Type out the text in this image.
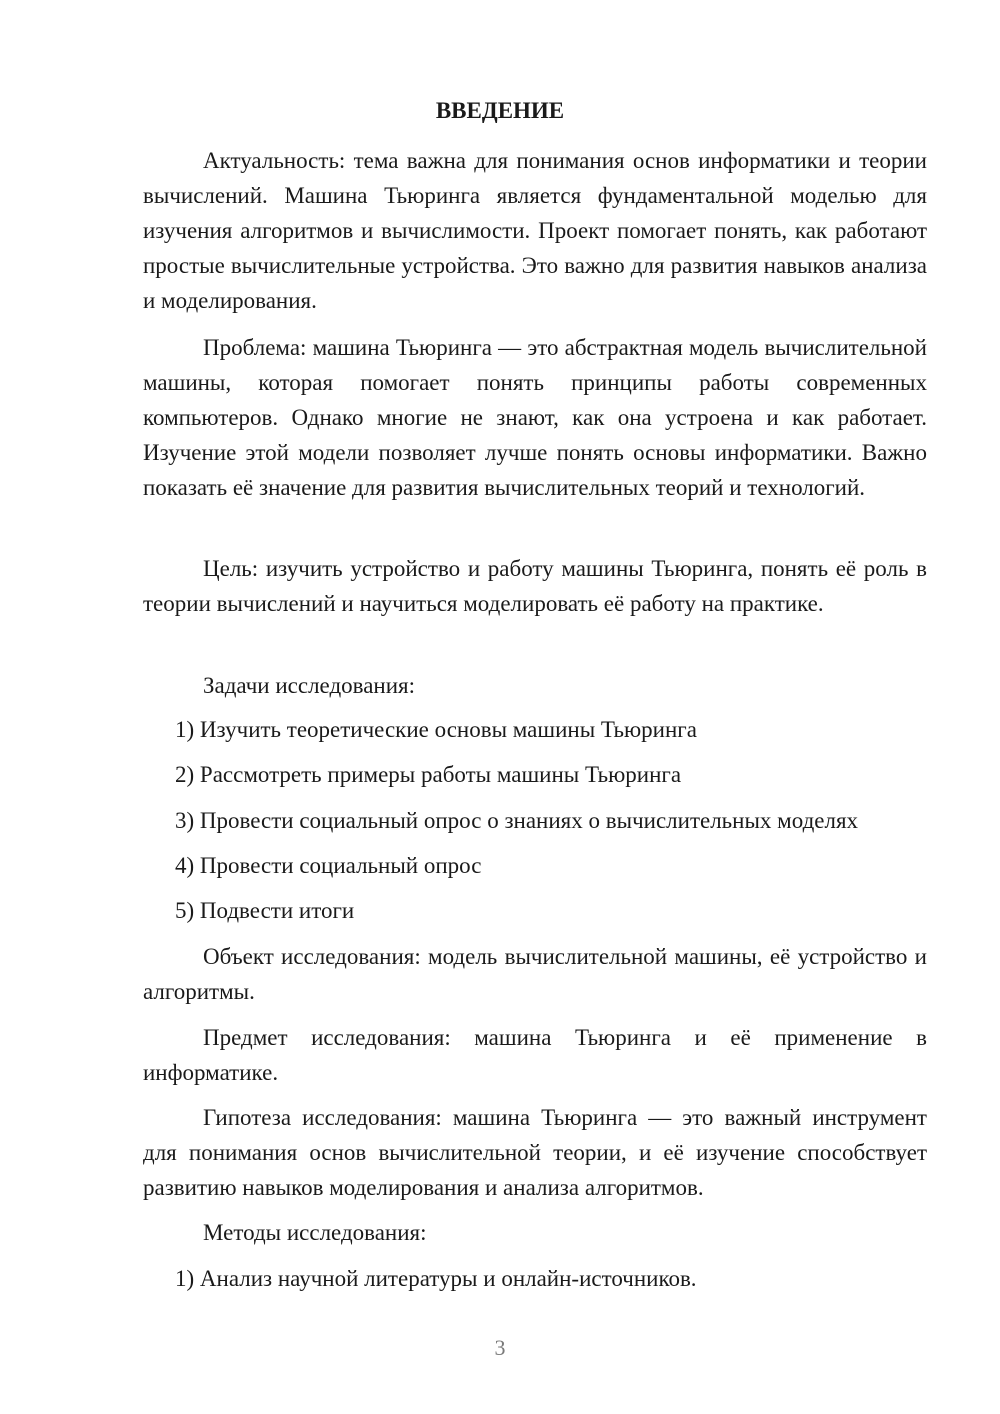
ВВЕДЕНИЕ

Актуальность: тема важна для понимания основ информатики и теории вычислений. Машина Тьюринга является фундаментальной моделью для изучения алгоритмов и вычислимости. Проект помогает понять, как работают простые вычислительные устройства. Это важно для развития навыков анализа и моделирования.

Проблема: машина Тьюринга — это абстрактная модель вычислительной машины, которая помогает понять принципы работы современных компьютеров. Однако многие не знают, как она устроена и как работает. Изучение этой модели позволяет лучше понять основы информатики. Важно показать её значение для развития вычислительных теорий и технологий.

Цель: изучить устройство и работу машины Тьюринга, понять её роль в теории вычислений и научиться моделировать её работу на практике.

Задачи исследования:

1) Изучить теоретические основы машины Тьюринга

2) Рассмотреть примеры работы машины Тьюринга

3) Провести социальный опрос о знаниях о вычислительных моделях

4) Провести социальный опрос

5) Подвести итоги

Объект исследования: модель вычислительной машины, её устройство и алгоритмы.

Предмет исследования: машина Тьюринга и её применение в информатике.

Гипотеза исследования: машина Тьюринга — это важный инструмент для понимания основ вычислительной теории, и её изучение способствует развитию навыков моделирования и анализа алгоритмов.

Методы исследования:

1) Анализ научной литературы и онлайн-источников.

3
